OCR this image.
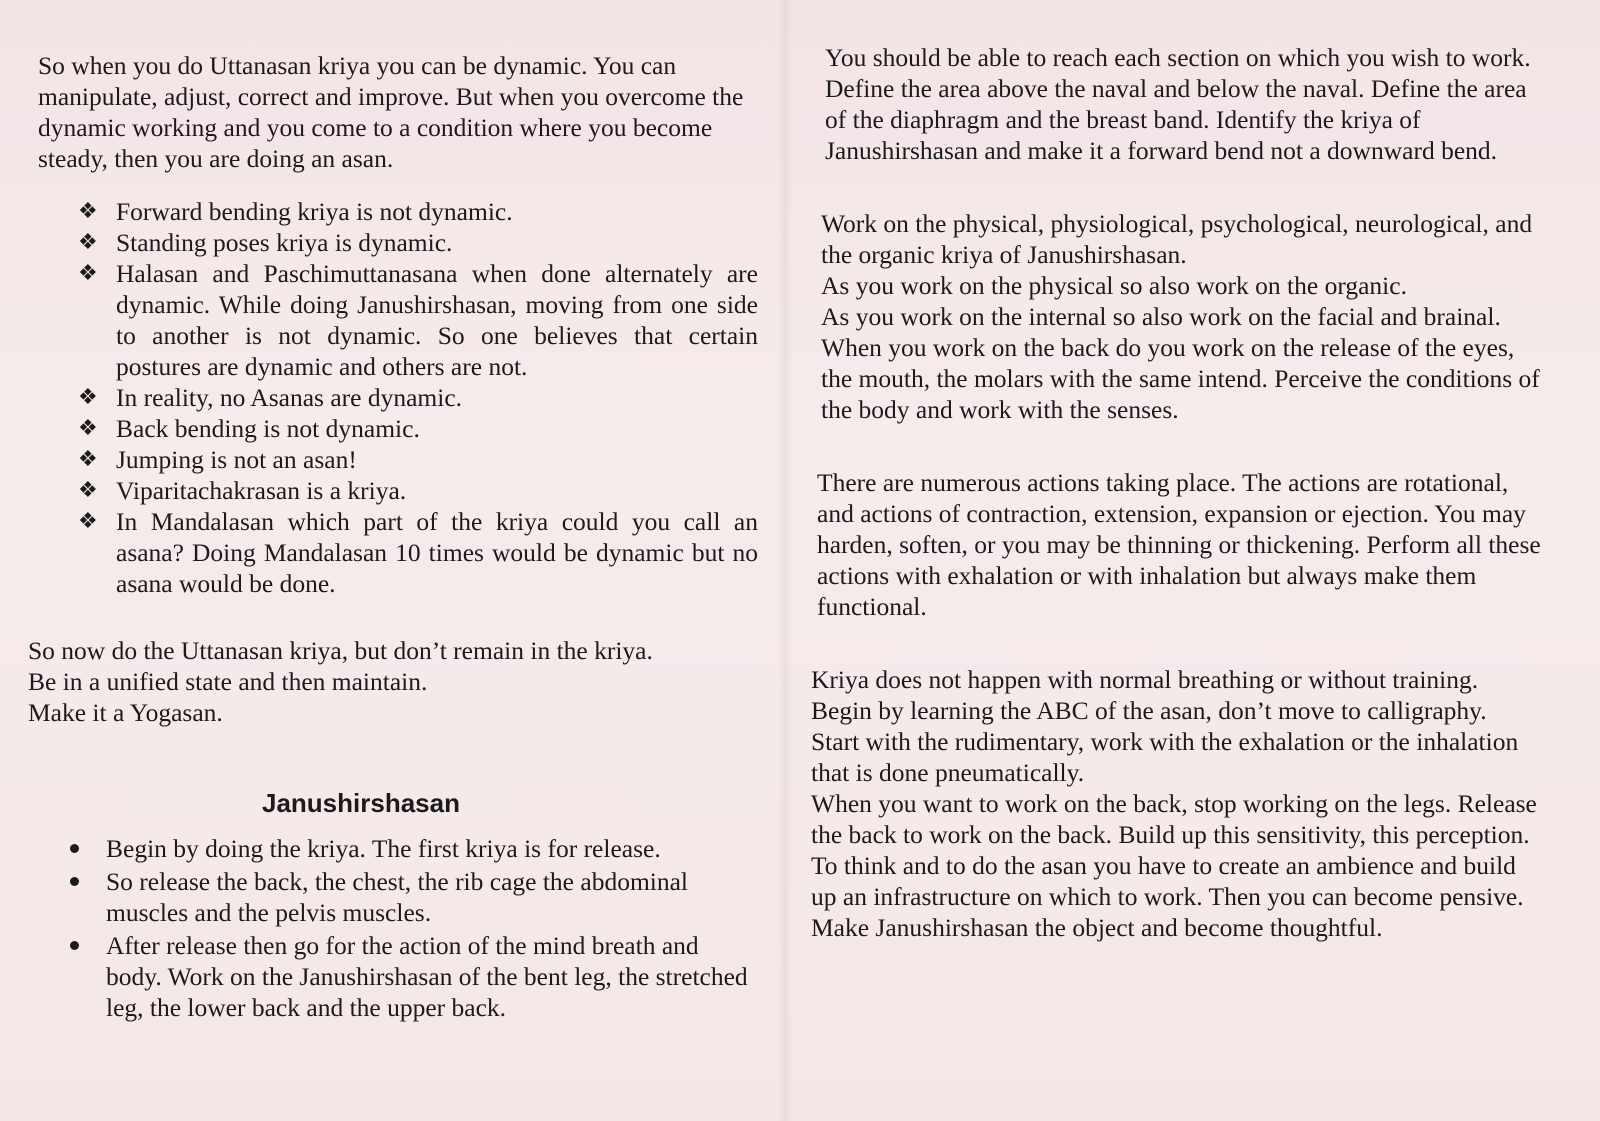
So when you do Uttanasan kriya you can be dynamic. You can manipulate, adjust, correct and improve. But when you overcome the dynamic working and you come to a condition where you become steady, then you are doing an asan.

❖ Forward bending kriya is not dynamic.
❖ Standing poses kriya is dynamic.
❖ Halasan and Paschimuttanasana when done alternately are dynamic. While doing Janushirshasan, moving from one side to another is not dynamic. So one believes that certain postures are dynamic and others are not.
❖ In reality, no Asanas are dynamic.
❖ Back bending is not dynamic.
❖ Jumping is not an asan!
❖ Viparitachakrasan is a kriya.
❖ In Mandalasan which part of the kriya could you call an asana? Doing Mandalasan 10 times would be dynamic but no asana would be done.

So now do the Uttanasan kriya, but don’t remain in the kriya.

Be in a unified state and then maintain.

Make it a Yogasan.

Janushirshasan
Begin by doing the kriya. The first kriya is for release.
So release the back, the chest, the rib cage the abdominal muscles and the pelvis muscles.
After release then go for the action of the mind breath and body. Work on the Janushirshasan of the bent leg, the stretched leg, the lower back and the upper back.

You should be able to reach each section on which you wish to work. Define the area above the naval and below the naval. Define the area of the diaphragm and the breast band. Identify the kriya of Janushirshasan and make it a forward bend not a downward bend.

Work on the physical, physiological, psychological, neurological, and the organic kriya of Janushirshasan.

As you work on the physical so also work on the organic.

As you work on the internal so also work on the facial and brainal.

When you work on the back do you work on the release of the eyes, the mouth, the molars with the same intend. Perceive the conditions of the body and work with the senses.

There are numerous actions taking place. The actions are rotational, and actions of contraction, extension, expansion or ejection. You may harden, soften, or you may be thinning or thickening. Perform all these actions with exhalation or with inhalation but always make them functional.

Kriya does not happen with normal breathing or without training. Begin by learning the ABC of the asan, don’t move to calligraphy.

Start with the rudimentary, work with the exhalation or the inhalation that is done pneumatically.

When you want to work on the back, stop working on the legs. Release the back to work on the back. Build up this sensitivity, this perception. To think and to do the asan you have to create an ambience and build up an infrastructure on which to work. Then you can become pensive. Make Janushirshasan the object and become thoughtful.
